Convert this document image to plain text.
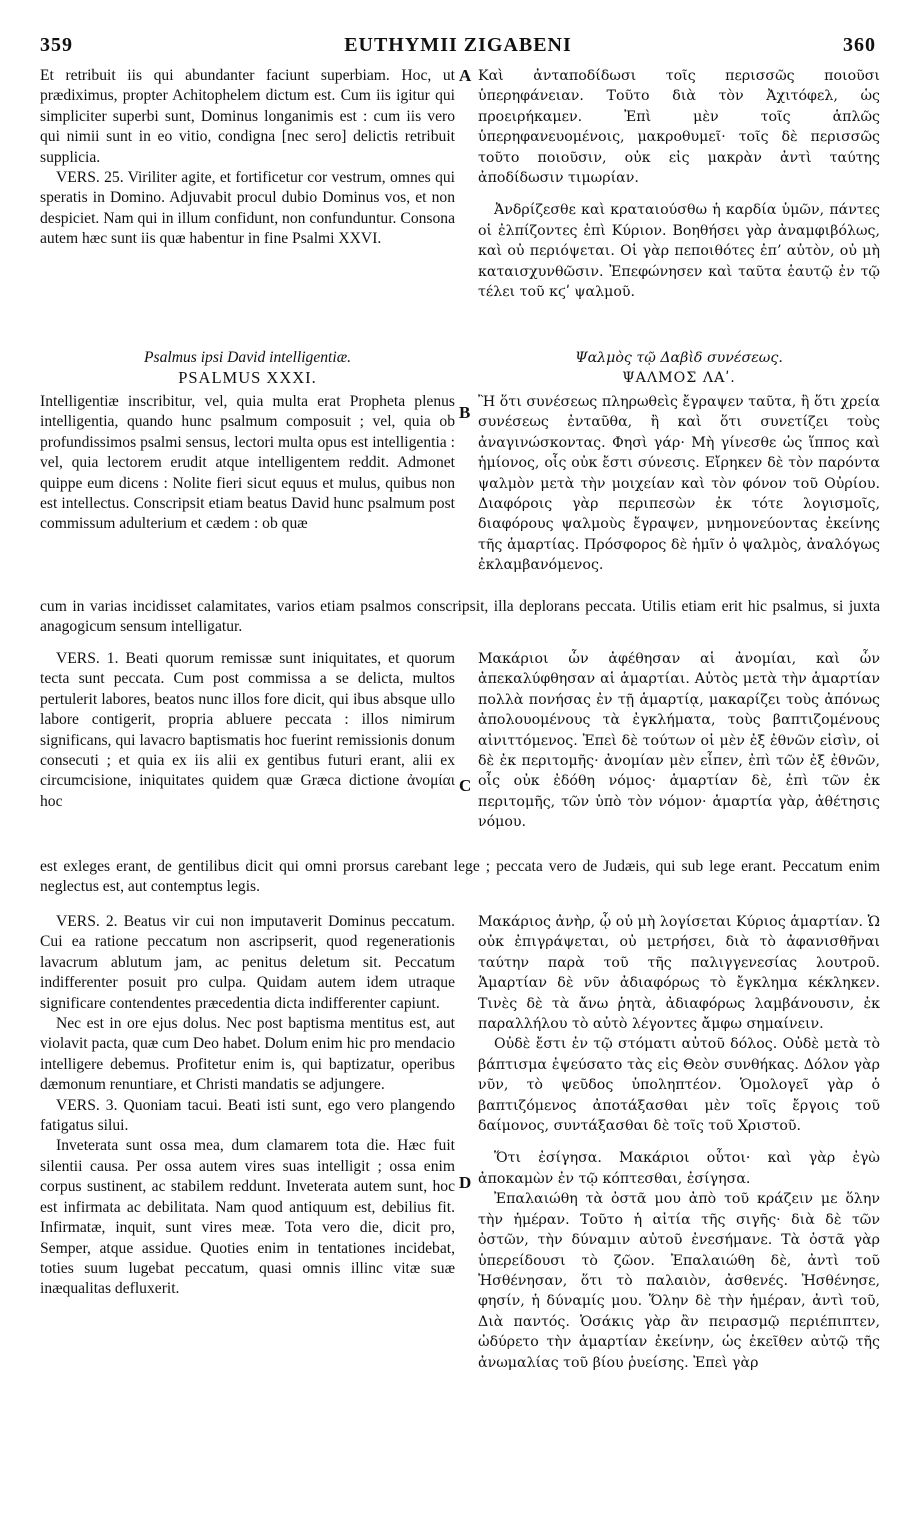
359	EUTHYMII ZIGABENI	360
A
B
C
D

Et retribuit iis qui abundanter faciunt superbiam. Hoc, ut prædiximus, propter Achitophelem dictum est. Cum iis igitur qui simpliciter superbi sunt, Dominus longanimis est : cum iis vero qui nimii sunt in eo vitio, condigna [nec sero] delictis retribuit supplicia.

VERS. 25. Viriliter agite, et fortificetur cor vestrum, omnes qui speratis in Domino. Adjuvabit procul dubio Dominus vos, et non despiciet. Nam qui in illum confidunt, non confunduntur. Consona autem hæc sunt iis quæ habentur in fine Psalmi XXVI.

Καὶ ἀνταποδίδωσι τοῖς περισσῶς ποιοῦσι ὑπερηφάνειαν. Τοῦτο διὰ τὸν Ἀχιτόφελ, ὡς προειρήκαμεν. Ἐπὶ μὲν τοῖς ἁπλῶς ὑπερηφανευομένοις, μακροθυμεῖ· τοῖς δὲ περισσῶς τοῦτο ποιοῦσιν, οὐκ εἰς μακρὰν ἀντὶ ταύτης ἀποδίδωσιν τιμωρίαν.

Ἀνδρίζεσθε καὶ κραταιούσθω ἡ καρδία ὑμῶν, πάντες οἱ ἐλπίζοντες ἐπὶ Κύριον. Βοηθήσει γὰρ ἀναμφιβόλως, καὶ οὐ περιόψεται. Οἱ γὰρ πεποιθότες ἐπ’ αὐτὸν, οὐ μὴ καταισχυνθῶσιν. Ἐπεφώνησεν καὶ ταῦτα ἑαυτῷ ἐν τῷ τέλει τοῦ κϛʹ ψαλμοῦ.

Psalmus ipsi David intelligentiæ.

PSALMUS XXXI.

Ψαλμὸς τῷ Δαβὶδ συνέσεως.

ΨΑΛΜΟΣ ΛΑʹ.

Intelligentiæ inscribitur, vel, quia multa erat Propheta plenus intelligentia, quando hunc psalmum composuit ; vel, quia ob profundissimos psalmi sensus, lectori multa opus est intelligentia : vel, quia lectorem erudit atque intelligentem reddit. Admonet quippe eum dicens : Nolite fieri sicut equus et mulus, quibus non est intellectus. Conscripsit etiam beatus David hunc psalmum post commissum adulterium et cædem : ob quæ

Ἢ ὅτι συνέσεως πληρωθεὶς ἔγραψεν ταῦτα, ἢ ὅτι χρεία συνέσεως ἐνταῦθα, ἢ καὶ ὅτι συνετίζει τοὺς ἀναγινώσκοντας. Φησὶ γάρ· Μὴ γίνεσθε ὡς ἵππος καὶ ἡμίονος, οἷς οὐκ ἔστι σύνεσις. Εἴρηκεν δὲ τὸν παρόντα ψαλμὸν μετὰ τὴν μοιχείαν καὶ τὸν φόνον τοῦ Οὐρίου. Διαφόροις γὰρ περιπεσὼν ἐκ τότε λογισμοῖς, διαφόρους ψαλμοὺς ἔγραψεν, μνημονεύοντας ἐκείνης τῆς ἁμαρτίας. Πρόσφορος δὲ ἡμῖν ὁ ψαλμὸς, ἀναλόγως ἐκλαμβανόμενος.

cum in varias incidisset calamitates, varios etiam psalmos conscripsit, illa deplorans peccata. Utilis etiam erit hic psalmus, si juxta anagogicum sensum intelligatur.

VERS. 1. Beati quorum remissæ sunt iniquitates, et quorum tecta sunt peccata. Cum post commissa a se delicta, multos pertulerit labores, beatos nunc illos fore dicit, qui ibus absque ullo labore contigerit, propria abluere peccata : illos nimirum significans, qui lavacro baptismatis hoc fuerint remissionis donum consecuti ; et quia ex iis alii ex gentibus futuri erant, alii ex circumcisione, iniquitates quidem quæ Græca dictione ἀνομίαι hoc

Μακάριοι ὧν ἀφέθησαν αἱ ἀνομίαι, καὶ ὧν ἀπεκαλύφθησαν αἱ ἁμαρτίαι. Αὐτὸς μετὰ τὴν ἁμαρτίαν πολλὰ πονήσας ἐν τῇ ἁμαρτίᾳ, μακαρίζει τοὺς ἀπόνως ἀπολουομένους τὰ ἐγκλήματα, τοὺς βαπτιζομένους αἰνιττόμενος. Ἐπεὶ δὲ τούτων οἱ μὲν ἐξ ἐθνῶν εἰσὶν, οἱ δὲ ἐκ περιτομῆς· ἀνομίαν μὲν εἶπεν, ἐπὶ τῶν ἐξ ἐθνῶν, οἷς οὐκ ἐδόθη νόμος· ἁμαρτίαν δὲ, ἐπὶ τῶν ἐκ περιτομῆς, τῶν ὑπὸ τὸν νόμον· ἁμαρτία γὰρ, ἀθέτησις νόμου.

est exleges erant, de gentilibus dicit qui omni prorsus carebant lege ; peccata vero de Judæis, qui sub lege erant. Peccatum enim neglectus est, aut contemptus legis.

VERS. 2. Beatus vir cui non imputaverit Dominus peccatum. Cui ea ratione peccatum non ascripserit, quod regenerationis lavacrum ablutum jam, ac penitus deletum sit. Peccatum indifferenter posuit pro culpa. Quidam autem idem utraque significare contendentes præcedentia dicta indifferenter capiunt.

Nec est in ore ejus dolus. Nec post baptisma mentitus est, aut violavit pacta, quæ cum Deo habet. Dolum enim hic pro mendacio intelligere debemus. Profitetur enim is, qui baptizatur, operibus dæmonum renuntiare, et Christi mandatis se adjungere.

VERS. 3. Quoniam tacui. Beati isti sunt, ego vero plangendo fatigatus silui.

Inveterata sunt ossa mea, dum clamarem tota die. Hæc fuit silentii causa. Per ossa autem vires suas intelligit ; ossa enim corpus sustinent, ac stabilem reddunt. Inveterata autem sunt, hoc est infirmata ac debilitata. Nam quod antiquum est, debilius fit. Infirmatæ, inquit, sunt vires meæ. Tota vero die, dicit pro, Semper, atque assidue. Quoties enim in tentationes incidebat, toties suum lugebat peccatum, quasi omnis illinc vitæ suæ inæqualitas defluxerit.

Μακάριος ἀνὴρ, ᾧ οὐ μὴ λογίσεται Κύριος ἁμαρτίαν. Ὡ οὐκ ἐπιγράψεται, οὐ μετρήσει, διὰ τὸ ἀφανισθῆναι ταύτην παρὰ τοῦ τῆς παλιγγενεσίας λουτροῦ. Ἁμαρτίαν δὲ νῦν ἀδιαφόρως τὸ ἔγκλημα κέκληκεν. Τινὲς δὲ τὰ ἄνω ῥητὰ, ἀδιαφόρως λαμβάνουσιν, ἐκ παραλλήλου τὸ αὐτὸ λέγοντες ἄμφω σημαίνειν.

Οὐδὲ ἔστι ἐν τῷ στόματι αὐτοῦ δόλος. Οὐδὲ μετὰ τὸ βάπτισμα ἐψεύσατο τὰς εἰς Θεὸν συνθήκας. Δόλον γὰρ νῦν, τὸ ψεῦδος ὑποληπτέον. Ὁμολογεῖ γὰρ ὁ βαπτιζόμενος ἀποτάξασθαι μὲν τοῖς ἔργοις τοῦ δαίμονος, συντάξασθαι δὲ τοῖς τοῦ Χριστοῦ.

Ὅτι ἐσίγησα. Μακάριοι οὗτοι· καὶ γὰρ ἐγὼ ἀποκαμὼν ἐν τῷ κόπτεσθαι, ἐσίγησα.

Ἐπαλαιώθη τὰ ὀστᾶ μου ἀπὸ τοῦ κράζειν με ὅλην τὴν ἡμέραν. Τοῦτο ἡ αἰτία τῆς σιγῆς· διὰ δὲ τῶν ὀστῶν, τὴν δύναμιν αὐτοῦ ἐνεσήμανε. Τὰ ὀστᾶ γὰρ ὑπερείδουσι τὸ ζῶον. Ἐπαλαιώθη δὲ, ἀντὶ τοῦ Ἠσθένησαν, ὅτι τὸ παλαιὸν, ἀσθενές. Ἠσθένησε, φησίν, ἡ δύναμίς μου. Ὅλην δὲ τὴν ἡμέραν, ἀντὶ τοῦ, Διὰ παντός. Ὁσάκις γὰρ ἂν πειρασμῷ περιέπιπτεν, ὠδύρετο τὴν ἁμαρτίαν ἐκείνην, ὡς ἐκεῖθεν αὐτῷ τῆς ἀνωμαλίας τοῦ βίου ῥυείσης. Ἐπεὶ γὰρ
